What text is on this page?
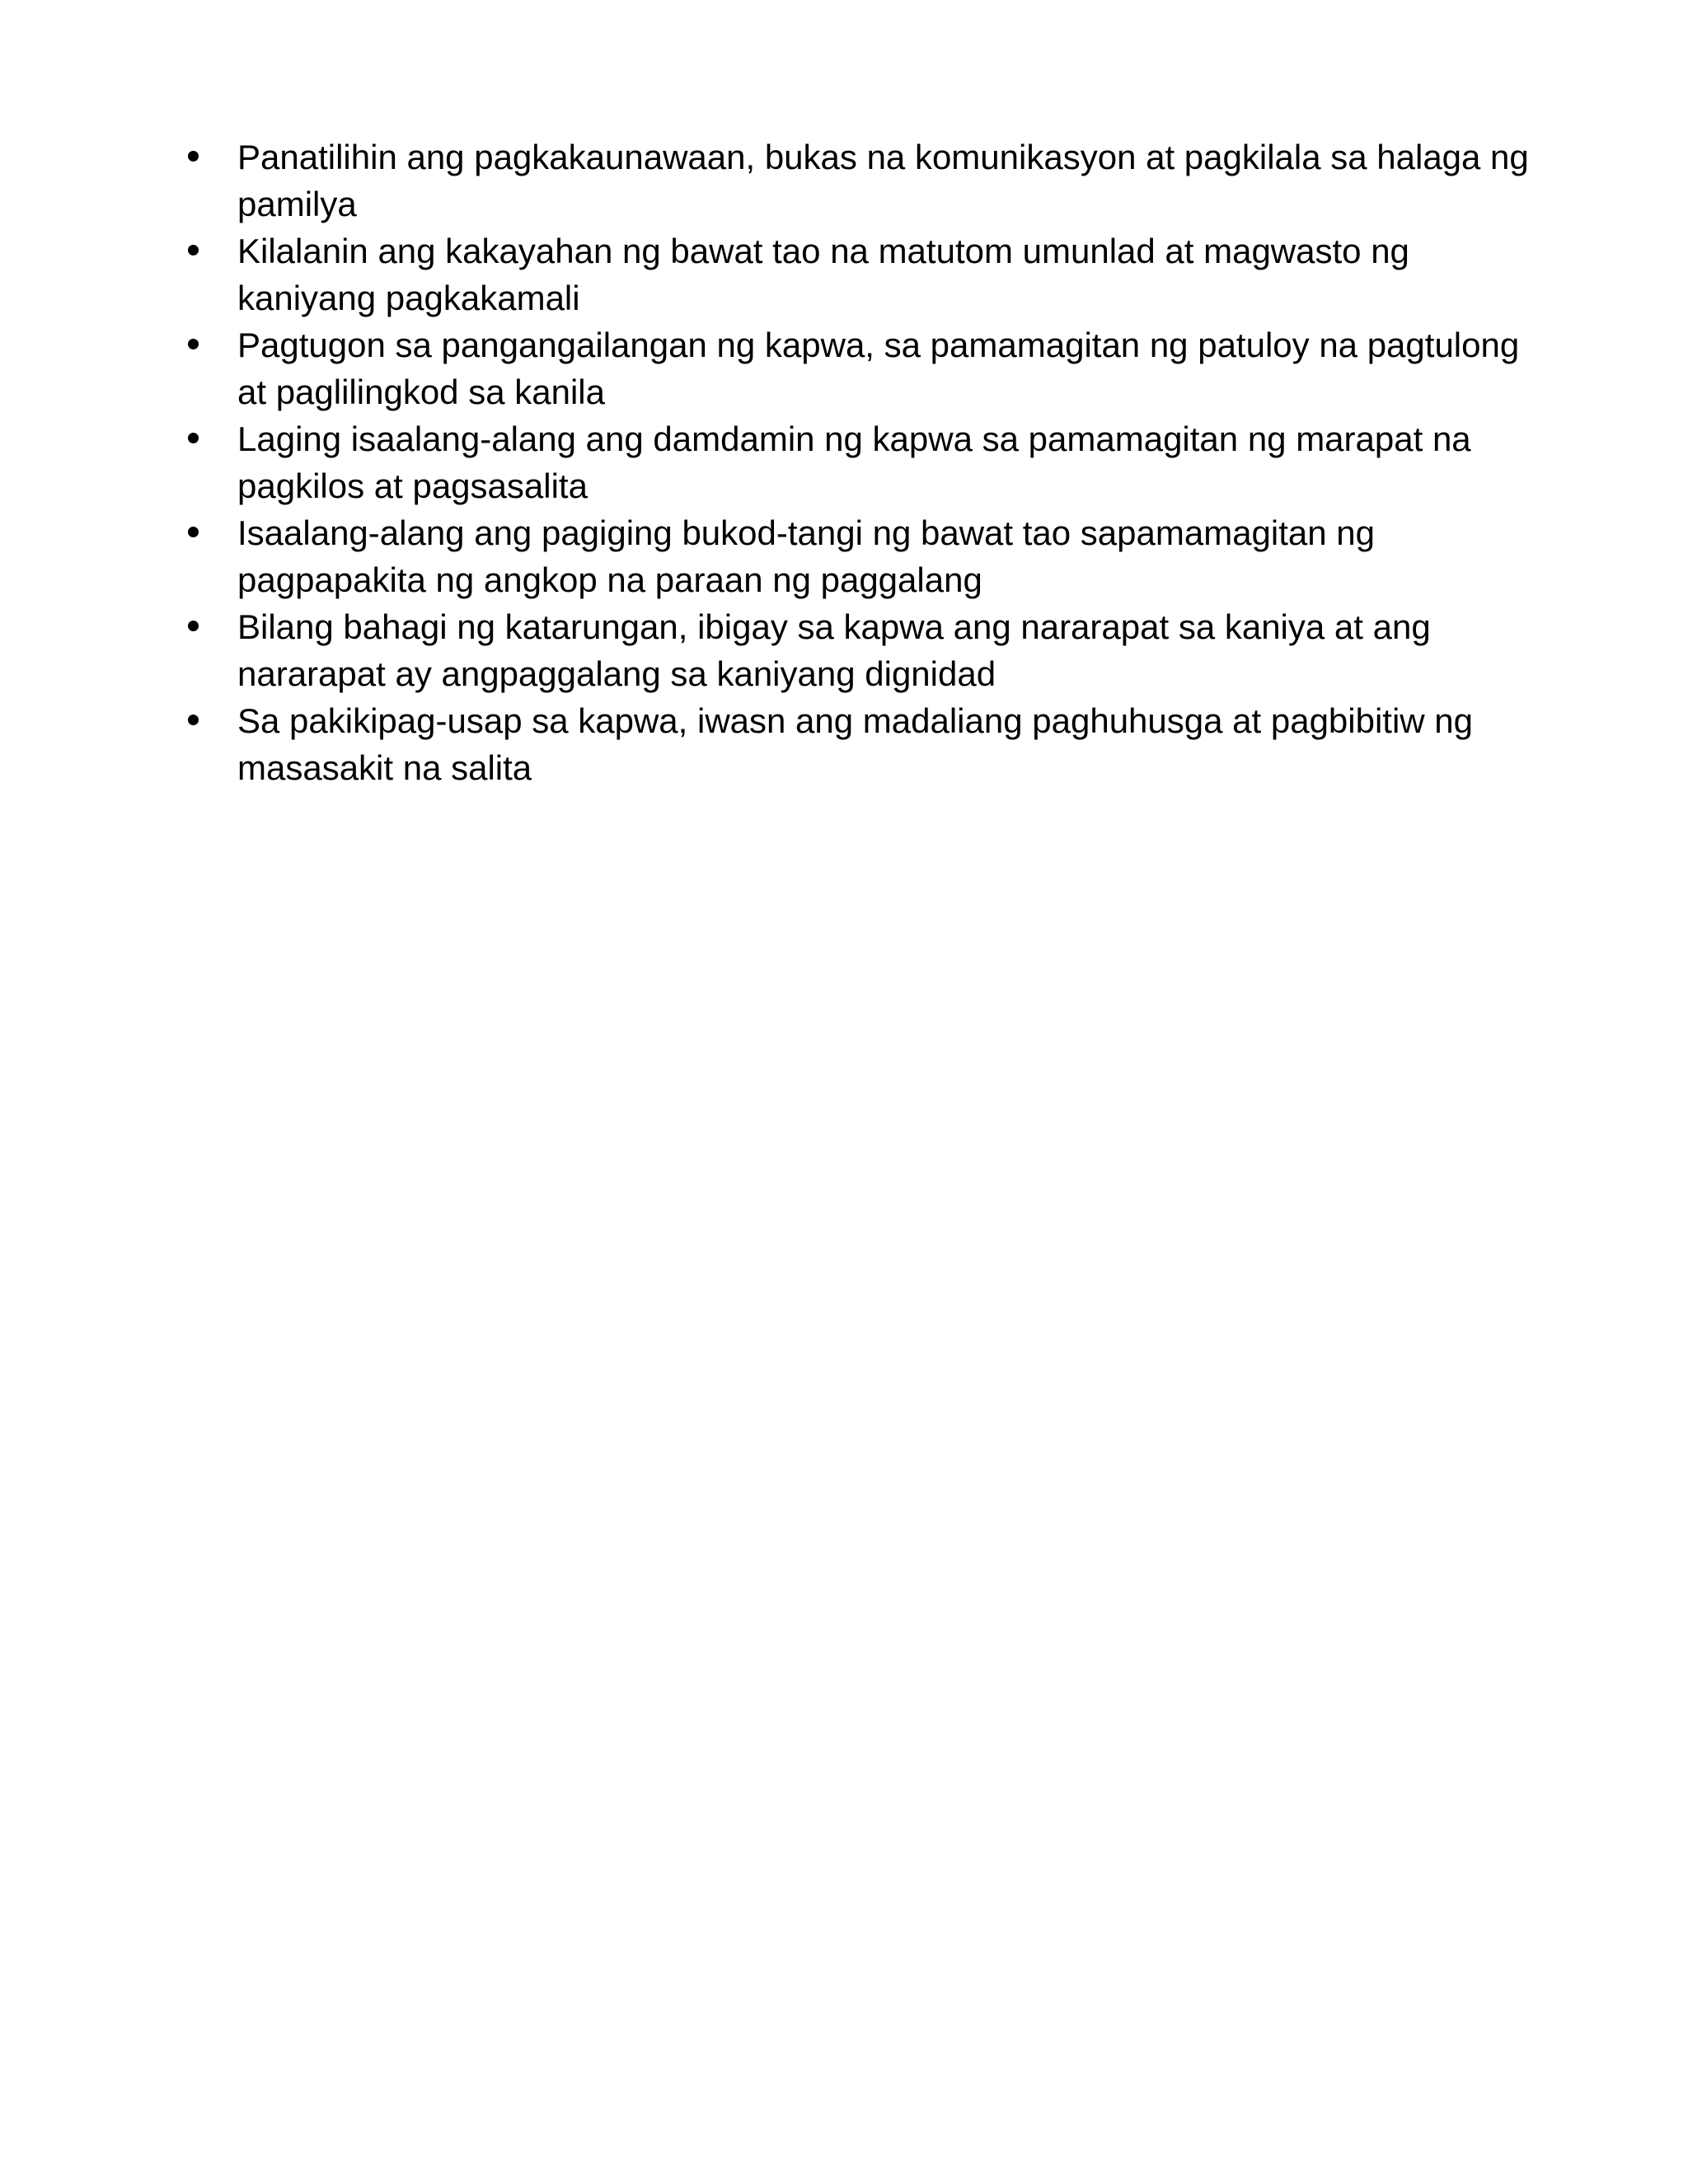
Panatilihin ang pagkakaunawaan, bukas na komunikasyon at pagkilala sa halaga ng pamilya
Kilalanin ang kakayahan ng bawat tao na matutom umunlad at magwasto ng kaniyang pagkakamali
Pagtugon sa pangangailangan ng kapwa, sa pamamagitan ng patuloy na pagtulong at paglilingkod sa kanila
Laging isaalang-alang ang damdamin ng kapwa sa pamamagitan ng marapat na pagkilos at pagsasalita
Isaalang-alang ang pagiging bukod-tangi ng bawat tao sapamamagitan ng pagpapakita ng angkop na paraan ng paggalang
Bilang bahagi ng katarungan, ibigay sa kapwa ang nararapat sa kaniya at ang nararapat ay angpaggalang sa kaniyang dignidad
Sa pakikipag-usap sa kapwa, iwasn ang madaliang paghuhusga at pagbibitiw ng masasakit na salita
